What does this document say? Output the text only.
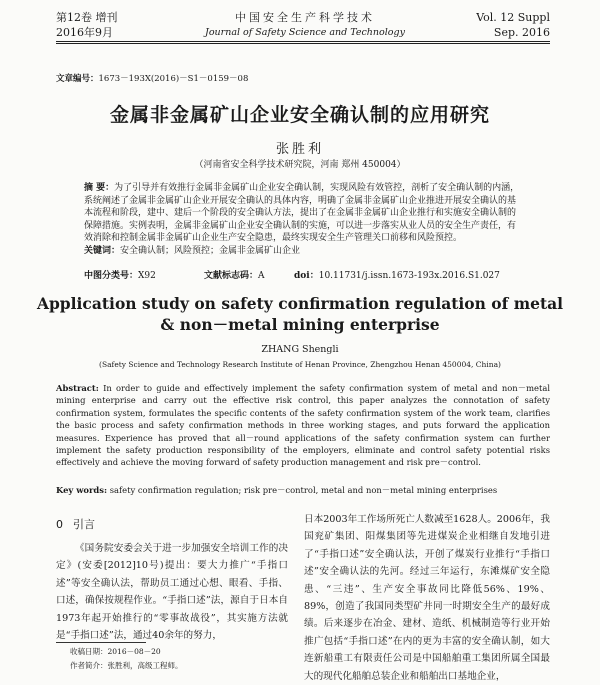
第12卷 增刊
2016年9月
中国安全生产科学技术
Journal of Safety Science and Technology
Vol. 12 Suppl
Sep. 2016
文章编号：1673－193X(2016)－S1－0159－08
金属非金属矿山企业安全确认制的应用研究
张胜利
（河南省安全科学技术研究院，河南 郑州 450004）
摘 要：为了引导并有效推行金属非金属矿山企业安全确认制，实现风险有效管控，剖析了安全确认制的内涵，系统阐述了金属非金属矿山企业开展安全确认的具体内容，明确了金属非金属矿山企业推进开展安全确认的基本流程和阶段，建中、建后一个阶段的安全确认方法，提出了在金属非金属矿山企业推行和实施安全确认制的保障措施。实例表明，金属非金属矿山企业安全确认制的实施，可以进一步落实从业人员的安全生产责任，有效消除和控制金属非金属矿山企业生产安全隐患，最终实现安全生产管理关口前移和风险预控。
关键词：安全确认制；风险预控；金属非金属矿山企业
中图分类号：X92	文献标志码：A	doi：10.11731/j.issn.1673-193x.2016.S1.027
Application study on safety confirmation regulation of metal
& non－metal mining enterprise
ZHANG Shengli
(Safety Science and Technology Research Institute of Henan Province, Zhengzhou Henan 450004, China)
Abstract: In order to guide and effectively implement the safety confirmation system of metal and non－metal mining enterprise and carry out the effective risk control, this paper analyzes the connotation of safety confirmation system, formulates the specific contents of the safety confirmation system of the work team, clarifies the basic process and safety confirmation methods in three working stages, and puts forward the application measures. Experience has proved that all－round applications of the safety confirmation system can further implement the safety production responsibility of the employers, eliminate and control safety potential risks effectively and achieve the moving forward of safety production management and risk pre－control.
Key words: safety confirmation regulation; risk pre－control, metal and non－metal mining enterprises
0 引言

《国务院安委会关于进一步加强安全培训工作的决定》(安委[2012]10号)提出：要大力推广“手指口述”等安全确认法，帮助员工通过心想、眼看、手指、口述，确保按规程作业。“手指口述”法，源自于日本自1973年起开始推行的“零事故战役”，其实施方法就是“手指口述”法，通过40余年的努力，

日本2003年工作场所死亡人数减至1628人。2006年，我国兖矿集团、阳煤集团等先进煤炭企业相继自发地引进了“手指口述”安全确认法，开创了煤炭行业推行“手指口述”安全确认法的先河。经过三年运行，东滩煤矿安全隐患、“三违”、生产安全事故同比降低56%、19%、89%，创造了我国同类型矿井同一时期安全生产的最好成绩。后来逐步在冶金、建材、造纸、机械制造等行业开始推广包括“手指口述”在内的更为丰富的安全确认制，如大连新船重工有限责任公司是中国船舶重工集团所属全国最大的现代化船舶总装企业和船舶出口基地企业，

收稿日期：2016－08－20
作者简介：张胜利，高级工程师。
